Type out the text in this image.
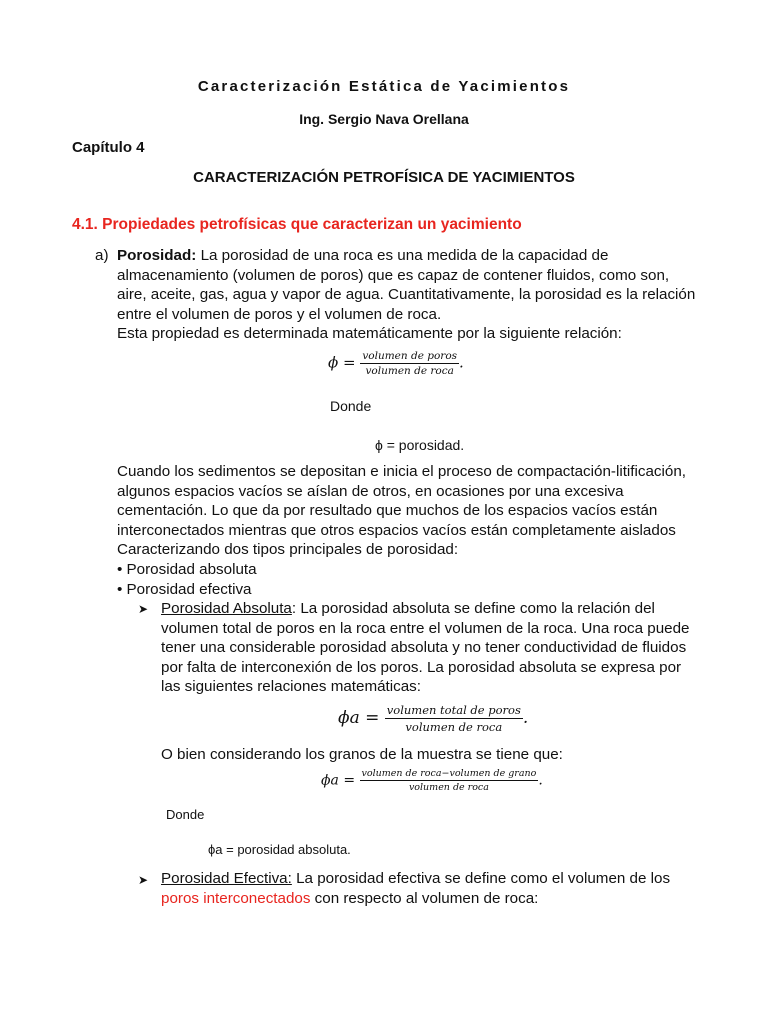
Caracterización Estática de Yacimientos
Ing. Sergio Nava Orellana
Capítulo 4
CARACTERIZACIÓN PETROFÍSICA DE YACIMIENTOS
4.1. Propiedades petrofísicas que caracterizan un yacimiento
a) Porosidad: La porosidad de una roca es una medida de la capacidad de
almacenamiento (volumen de poros) que es capaz de contener fluidos, como son,
aire, aceite, gas, agua y vapor de agua. Cuantitativamente, la porosidad es la relación
entre el volumen de poros y el volumen de roca.
Esta propiedad es determinada matemáticamente por la siguiente relación:
$\phi = \frac{\text{volumen de poros}}{\text{volumen de roca}}$ .
Donde
ϕ = porosidad.
Cuando los sedimentos se depositan e inicia el proceso de compactación-litificación,
algunos espacios vacíos se aíslan de otros, en ocasiones por una excesiva
cementación. Lo que da por resultado que muchos de los espacios vacíos están
interconectados mientras que otros espacios vacíos están completamente aislados
Caracterizando dos tipos principales de porosidad:
• Porosidad absoluta
• Porosidad efectiva
➤ Porosidad Absoluta: La porosidad absoluta se define como la relación del
volumen total de poros en la roca entre el volumen de la roca. Una roca puede
tener una considerable porosidad absoluta y no tener conductividad de fluidos
por falta de interconexión de los poros. La porosidad absoluta se expresa por
las siguientes relaciones matemáticas:
$\phi a = \frac{\text{volumen total de poros}}{\text{volumen de roca}}$ .
O bien considerando los granos de la muestra se tiene que:
$\phi a = \frac{\text{volumen de roca−volumen de grano}}{\text{volumen de roca}}$ .
Donde
ϕa = porosidad absoluta.
➤ Porosidad Efectiva: La porosidad efectiva se define como el volumen de los
poros interconectados con respecto al volumen de roca:
